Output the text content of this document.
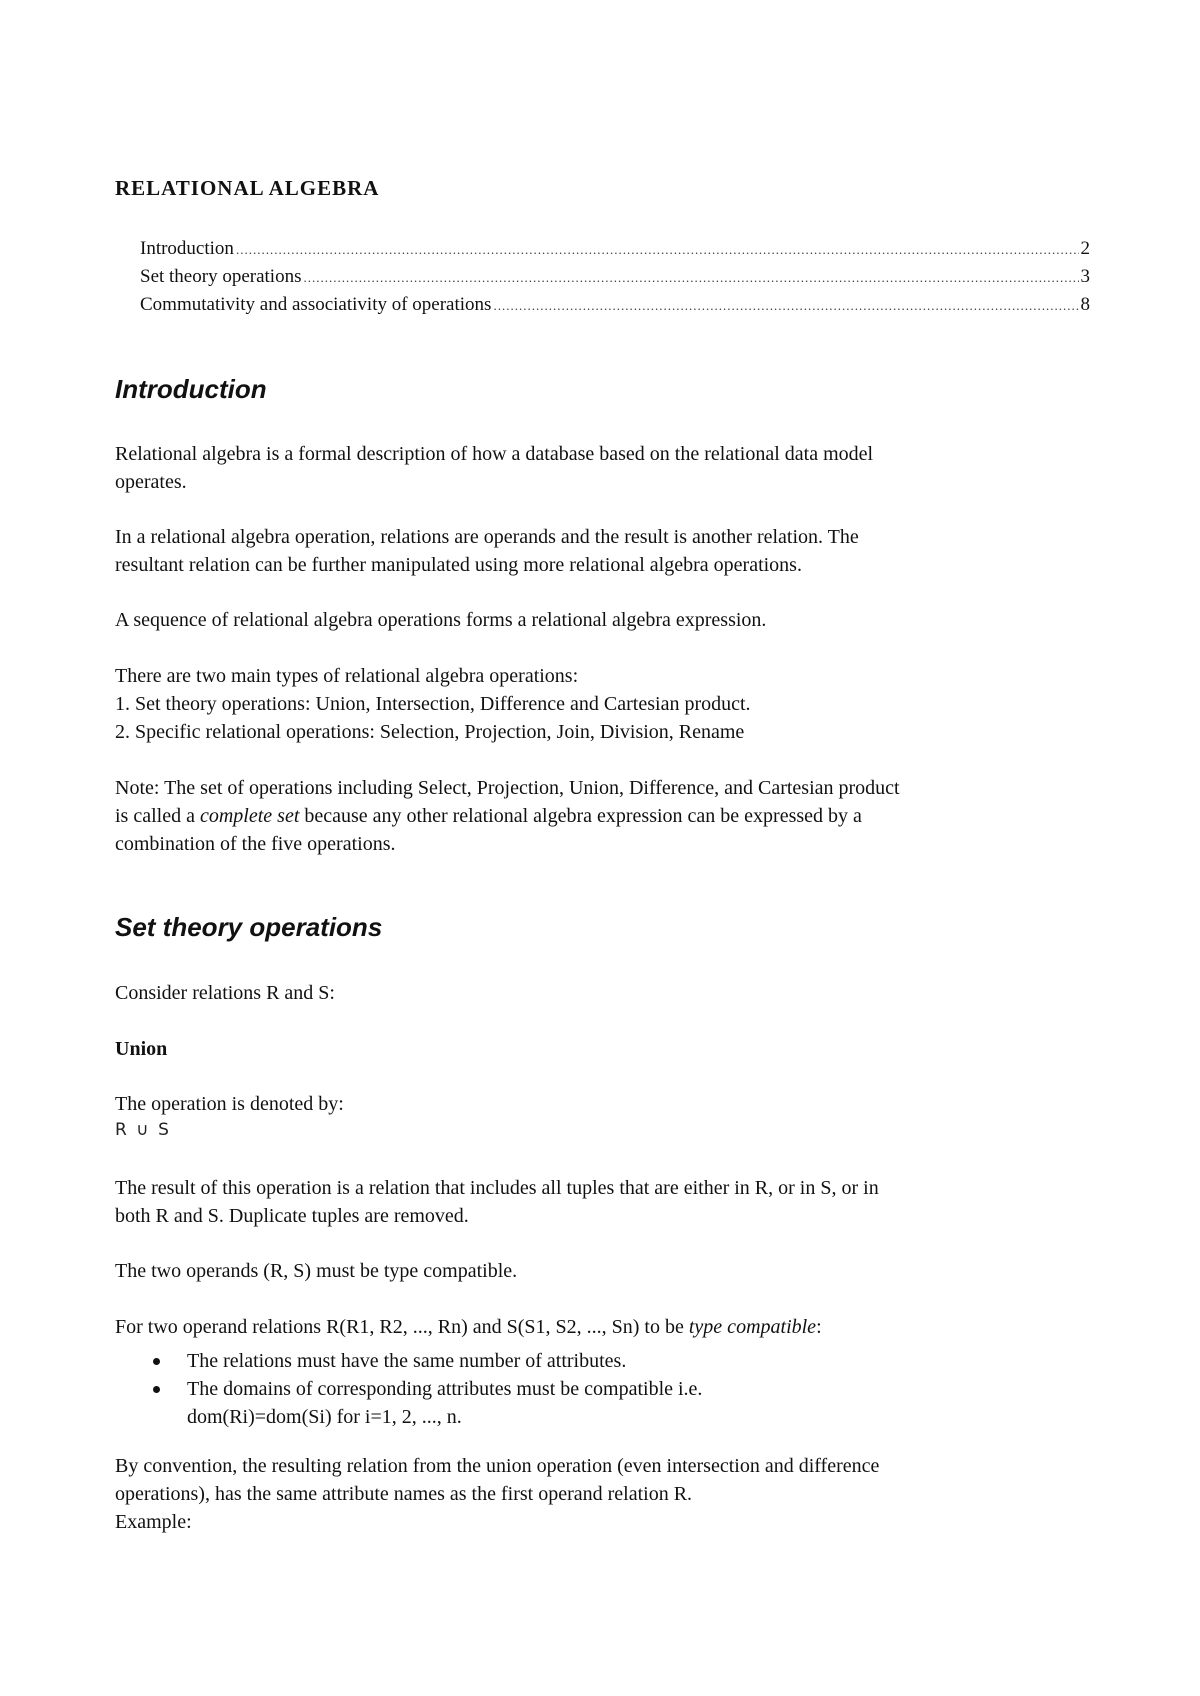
RELATIONAL ALGEBRA
Introduction .....	2
Set theory operations .....	3
Commutativity and associativity of operations .....	8
Introduction

Relational algebra is a formal description of how a database based on the relational data model
operates.

In a relational algebra operation, relations are operands and the result is another relation. The
resultant relation can be further manipulated using more relational algebra operations.

A sequence of relational algebra operations forms a relational algebra expression.

There are two main types of relational algebra operations:
1. Set theory operations: Union, Intersection, Difference and Cartesian product.
2. Specific relational operations: Selection, Projection, Join, Division, Rename

Note: The set of operations including Select, Projection, Union, Difference, and Cartesian product
is called a complete set because any other relational algebra expression can be expressed by a
combination of the five operations.

Set theory operations

Consider relations R and S:

Union

The operation is denoted by:

R ∪ S

The result of this operation is a relation that includes all tuples that are either in R, or in S, or in
both R and S. Duplicate tuples are removed.

The two operands (R, S) must be type compatible.

For two operand relations R(R1, R2, ..., Rn) and S(S1, S2, ..., Sn) to be type compatible:

The relations must have the same number of attributes.
The domains of corresponding attributes must be compatible i.e.
dom(Ri)=dom(Si) for i=1, 2, ..., n.

By convention, the resulting relation from the union operation (even intersection and difference
operations), has the same attribute names as the first operand relation R.
Example:
